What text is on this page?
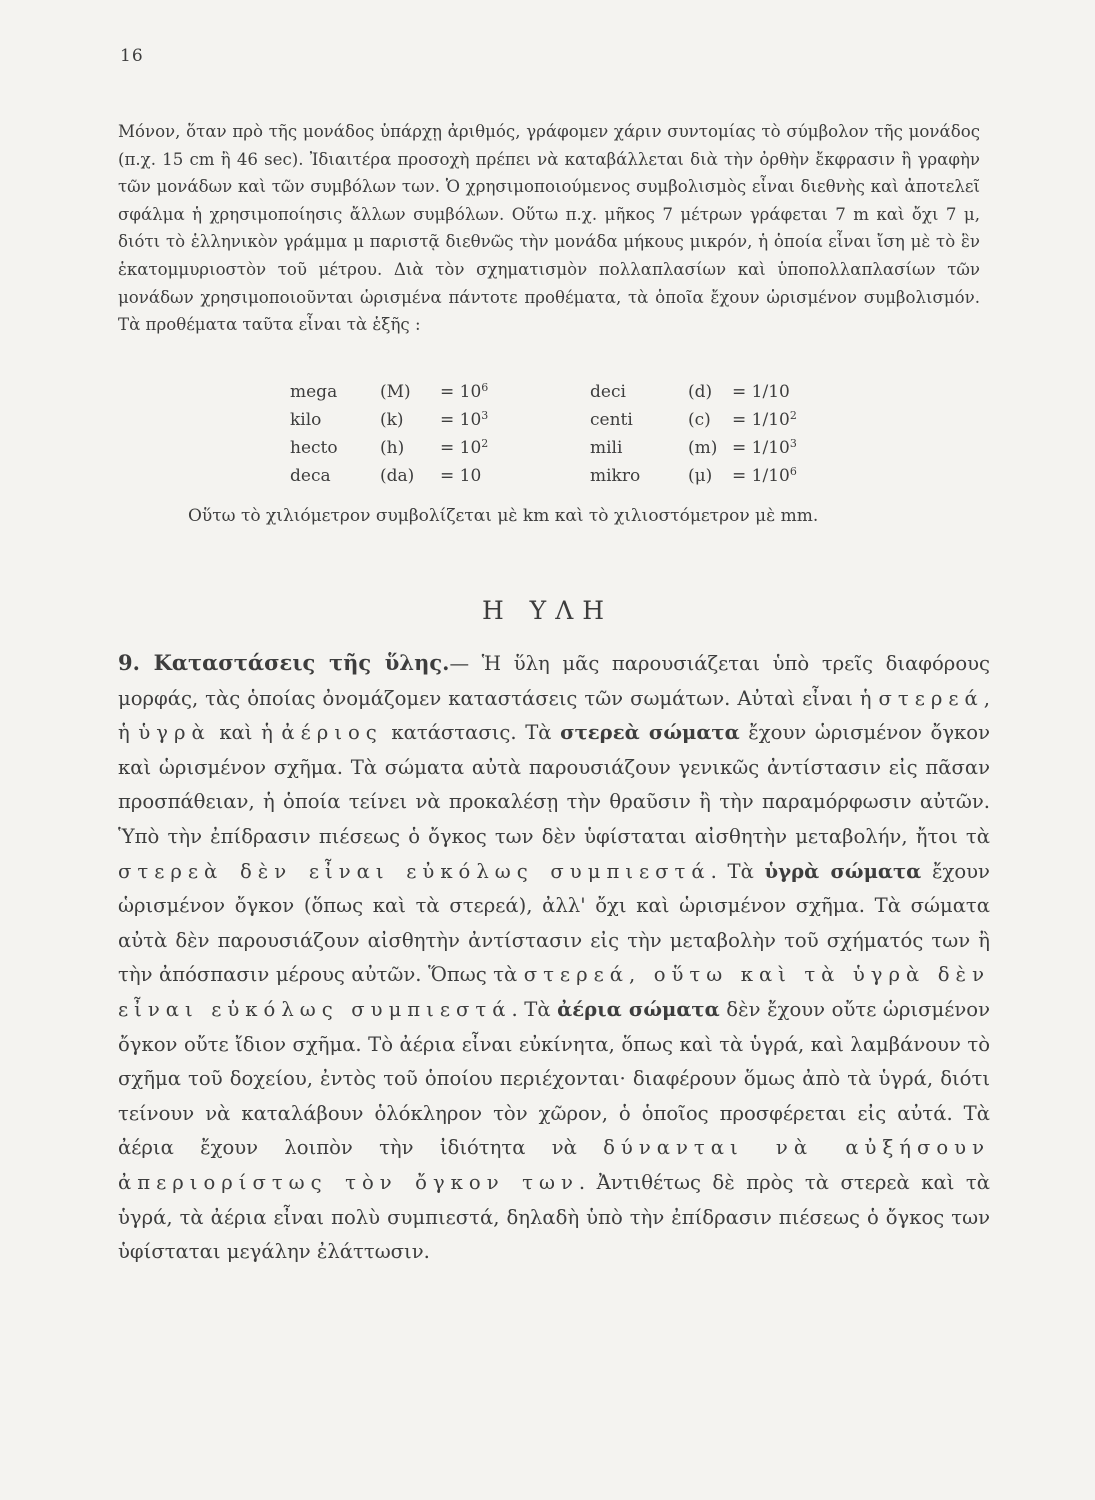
16

Μόνον, ὅταν πρὸ τῆς μονάδος ὑπάρχῃ ἀριθμός, γράφομεν χάριν συντομίας τὸ σύμβολον τῆς μονάδος (π.χ. 15 cm ἢ 46 sec). Ἰδιαιτέρα προσοχὴ πρέπει νὰ καταβάλλεται διὰ τὴν ὀρθὴν ἔκφρασιν ἢ γραφὴν τῶν μονάδων καὶ τῶν συμβόλων των. Ὁ χρησιμοποιούμενος συμβολισμὸς εἶναι διεθνὴς καὶ ἀποτελεῖ σφάλμα ἡ χρησιμοποίησις ἄλλων συμβόλων. Οὕτω π.χ. μῆκος 7 μέτρων γράφεται 7 m καὶ ὄχι 7 μ, διότι τὸ ἑλληνικὸν γράμμα μ παριστᾷ διεθνῶς τὴν μονάδα μήκους μικρόν, ἡ ὁποία εἶναι ἴση μὲ τὸ ἓν ἑκατομμυριοστὸν τοῦ μέτρου. Διὰ τὸν σχηματισμὸν πολλαπλασίων καὶ ὑποπολλαπλασίων τῶν μονάδων χρησιμοποιοῦνται ὡρισμένα πάντοτε προθέματα, τὰ ὁποῖα ἔχουν ὡρισμένον συμβολισμόν. Τὰ προθέματα ταῦτα εἶναι τὰ ἑξῆς :

mega	(M)	= $10^6$	deci	(d)	= 1/10
kilo	(k)	= $10^3$	centi	(c)	= $1/10^2$
hecto	(h)	= $10^2$	mili	(m)	= $1/10^3$
deca	(da)	= 10	mikro	(μ)	= $1/10^6$

Οὕτω τὸ χιλιόμετρον συμβολίζεται μὲ km καὶ τὸ χιλιοστόμετρον μὲ mm.

Η ΥΛΗ

9. Καταστάσεις τῆς ὕλης.— Ἡ ὕλη μᾶς παρουσιάζεται ὑπὸ τρεῖς διαφόρους μορφάς, τὰς ὁποίας ὀνομάζομεν καταστάσεις τῶν σωμάτων. Αὐταὶ εἶναι ἡ στερεά, ἡ ὑγρὰ καὶ ἡ ἀέριος κατάστασις. Τὰ στερεὰ σώματα ἔχουν ὡρισμένον ὄγκον καὶ ὡρισμένον σχῆμα. Τὰ σώματα αὐτὰ παρουσιάζουν γενικῶς ἀντίστασιν εἰς πᾶσαν προσπάθειαν, ἡ ὁποία τείνει νὰ προκαλέσῃ τὴν θραῦσιν ἢ τὴν παραμόρφωσιν αὐτῶν. Ὑπὸ τὴν ἐπίδρασιν πιέσεως ὁ ὄγκος των δὲν ὑφίσταται αἰσθητὴν μεταβολήν, ἤτοι τὰ στερεὰ δὲν εἶναι εὐκόλως συμπιεστά. Τὰ ὑγρὰ σώματα ἔχουν ὡρισμένον ὄγκον (ὅπως καὶ τὰ στερεά), ἀλλ' ὄχι καὶ ὡρισμένον σχῆμα. Τὰ σώματα αὐτὰ δὲν παρουσιάζουν αἰσθητὴν ἀντίστασιν εἰς τὴν μεταβολὴν τοῦ σχήματός των ἢ τὴν ἀπόσπασιν μέρους αὐτῶν. Ὅπως τὰ στερεά, οὕτω καὶ τὰ ὑγρὰ δὲν εἶναι εὐκόλως συμπιεστά. Τὰ ἀέρια σώματα δὲν ἔχουν οὔτε ὡρισμένον ὄγκον οὔτε ἴδιον σχῆμα. Τὸ ἀέρια εἶναι εὐκίνητα, ὅπως καὶ τὰ ὑγρά, καὶ λαμβάνουν τὸ σχῆμα τοῦ δοχείου, ἐντὸς τοῦ ὁποίου περιέχονται· διαφέρουν ὅμως ἀπὸ τὰ ὑγρά, διότι τείνουν νὰ καταλάβουν ὁλόκληρον τὸν χῶρον, ὁ ὁποῖος προσφέρεται εἰς αὐτά. Τὰ ἀέρια ἔχουν λοιπὸν τὴν ἰδιότητα νὰ δύνανται νὰ αὐξήσουν ἀπεριορίστως τὸν ὄγκον των. Ἀντιθέτως δὲ πρὸς τὰ στερεὰ καὶ τὰ ὑγρά, τὰ ἀέρια εἶναι πολὺ συμπιεστά, δηλαδὴ ὑπὸ τὴν ἐπίδρασιν πιέσεως ὁ ὄγκος των ὑφίσταται μεγάλην ἐλάττωσιν.
